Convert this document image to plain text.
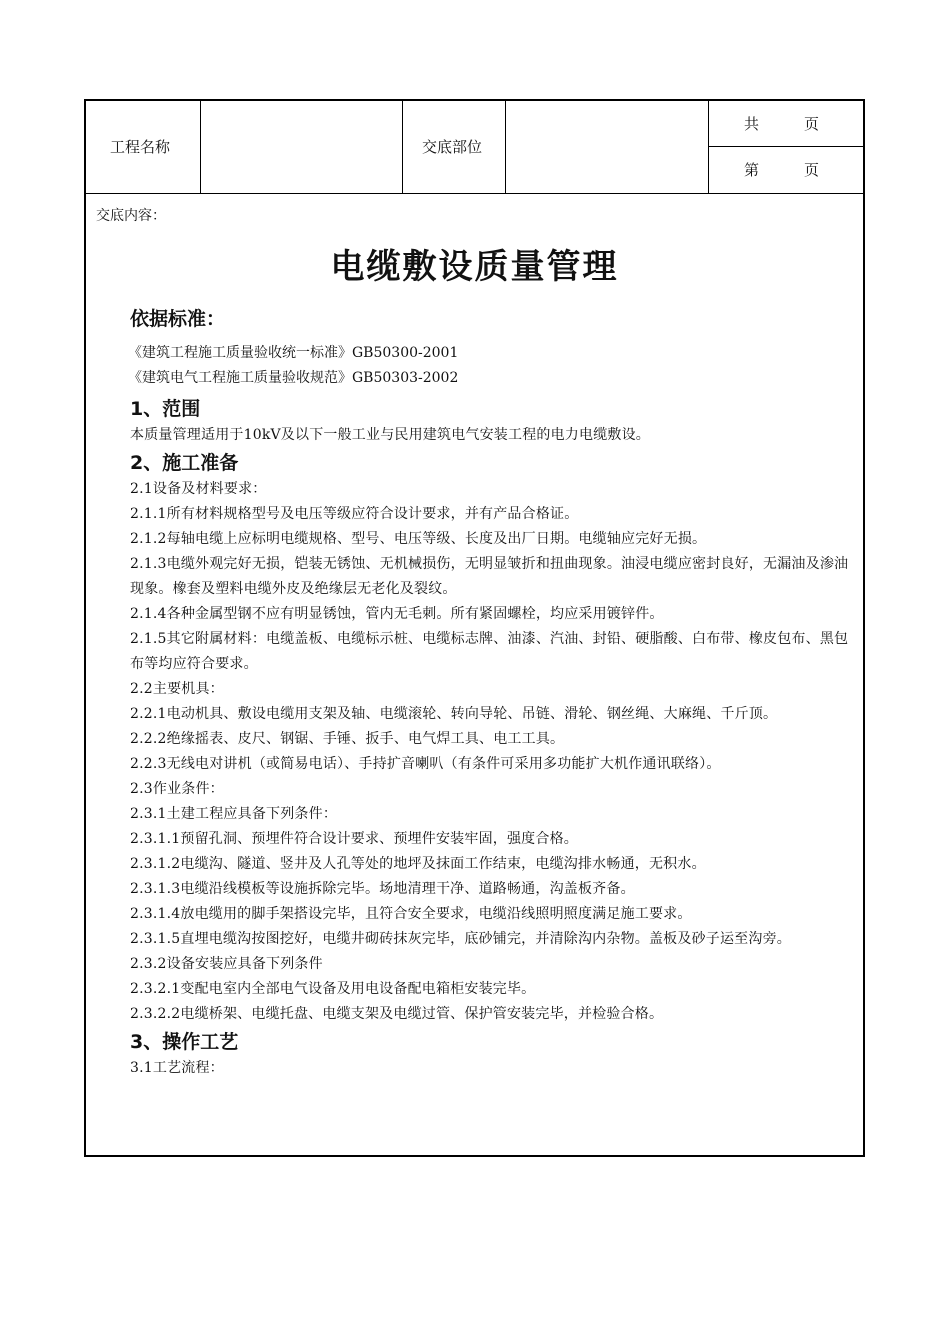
工程名称	交底部位
共　　　页
第　　　页
交底内容：
电缆敷设质量管理
依据标准：
《建筑工程施工质量验收统一标准》GB50300-2001
《建筑电气工程施工质量验收规范》GB50303-2002
1、范围
本质量管理适用于10kV及以下一般工业与民用建筑电气安装工程的电力电缆敷设。
2、施工准备
2.1设备及材料要求：
2.1.1所有材料规格型号及电压等级应符合设计要求，并有产品合格证。
2.1.2每轴电缆上应标明电缆规格、型号、电压等级、长度及出厂日期。电缆轴应完好无损。
2.1.3电缆外观完好无损，铠装无锈蚀、无机械损伤，无明显皱折和扭曲现象。油浸电缆应密封良好，无漏油及渗油现象。橡套及塑料电缆外皮及绝缘层无老化及裂纹。
2.1.4各种金属型钢不应有明显锈蚀，管内无毛刺。所有紧固螺栓，均应采用镀锌件。
2.1.5其它附属材料：电缆盖板、电缆标示桩、电缆标志牌、油漆、汽油、封铅、硬脂酸、白布带、橡皮包布、黑包布等均应符合要求。
2.2主要机具：
2.2.1电动机具、敷设电缆用支架及轴、电缆滚轮、转向导轮、吊链、滑轮、钢丝绳、大麻绳、千斤顶。
2.2.2绝缘摇表、皮尺、钢锯、手锤、扳手、电气焊工具、电工工具。
2.2.3无线电对讲机（或简易电话）、手持扩音喇叭（有条件可采用多功能扩大机作通讯联络）。
2.3作业条件：
2.3.1土建工程应具备下列条件：
2.3.1.1预留孔洞、预埋件符合设计要求、预埋件安装牢固，强度合格。
2.3.1.2电缆沟、隧道、竖井及人孔等处的地坪及抹面工作结束，电缆沟排水畅通，无积水。
2.3.1.3电缆沿线模板等设施拆除完毕。场地清理干净、道路畅通，沟盖板齐备。
2.3.1.4放电缆用的脚手架搭设完毕，且符合安全要求，电缆沿线照明照度满足施工要求。
2.3.1.5直埋电缆沟按图挖好，电缆井砌砖抹灰完毕，底砂铺完，并清除沟内杂物。盖板及砂子运至沟旁。
2.3.2设备安装应具备下列条件
2.3.2.1变配电室内全部电气设备及用电设备配电箱柜安装完毕。
2.3.2.2电缆桥架、电缆托盘、电缆支架及电缆过管、保护管安装完毕，并检验合格。
3、操作工艺
3.1工艺流程：
